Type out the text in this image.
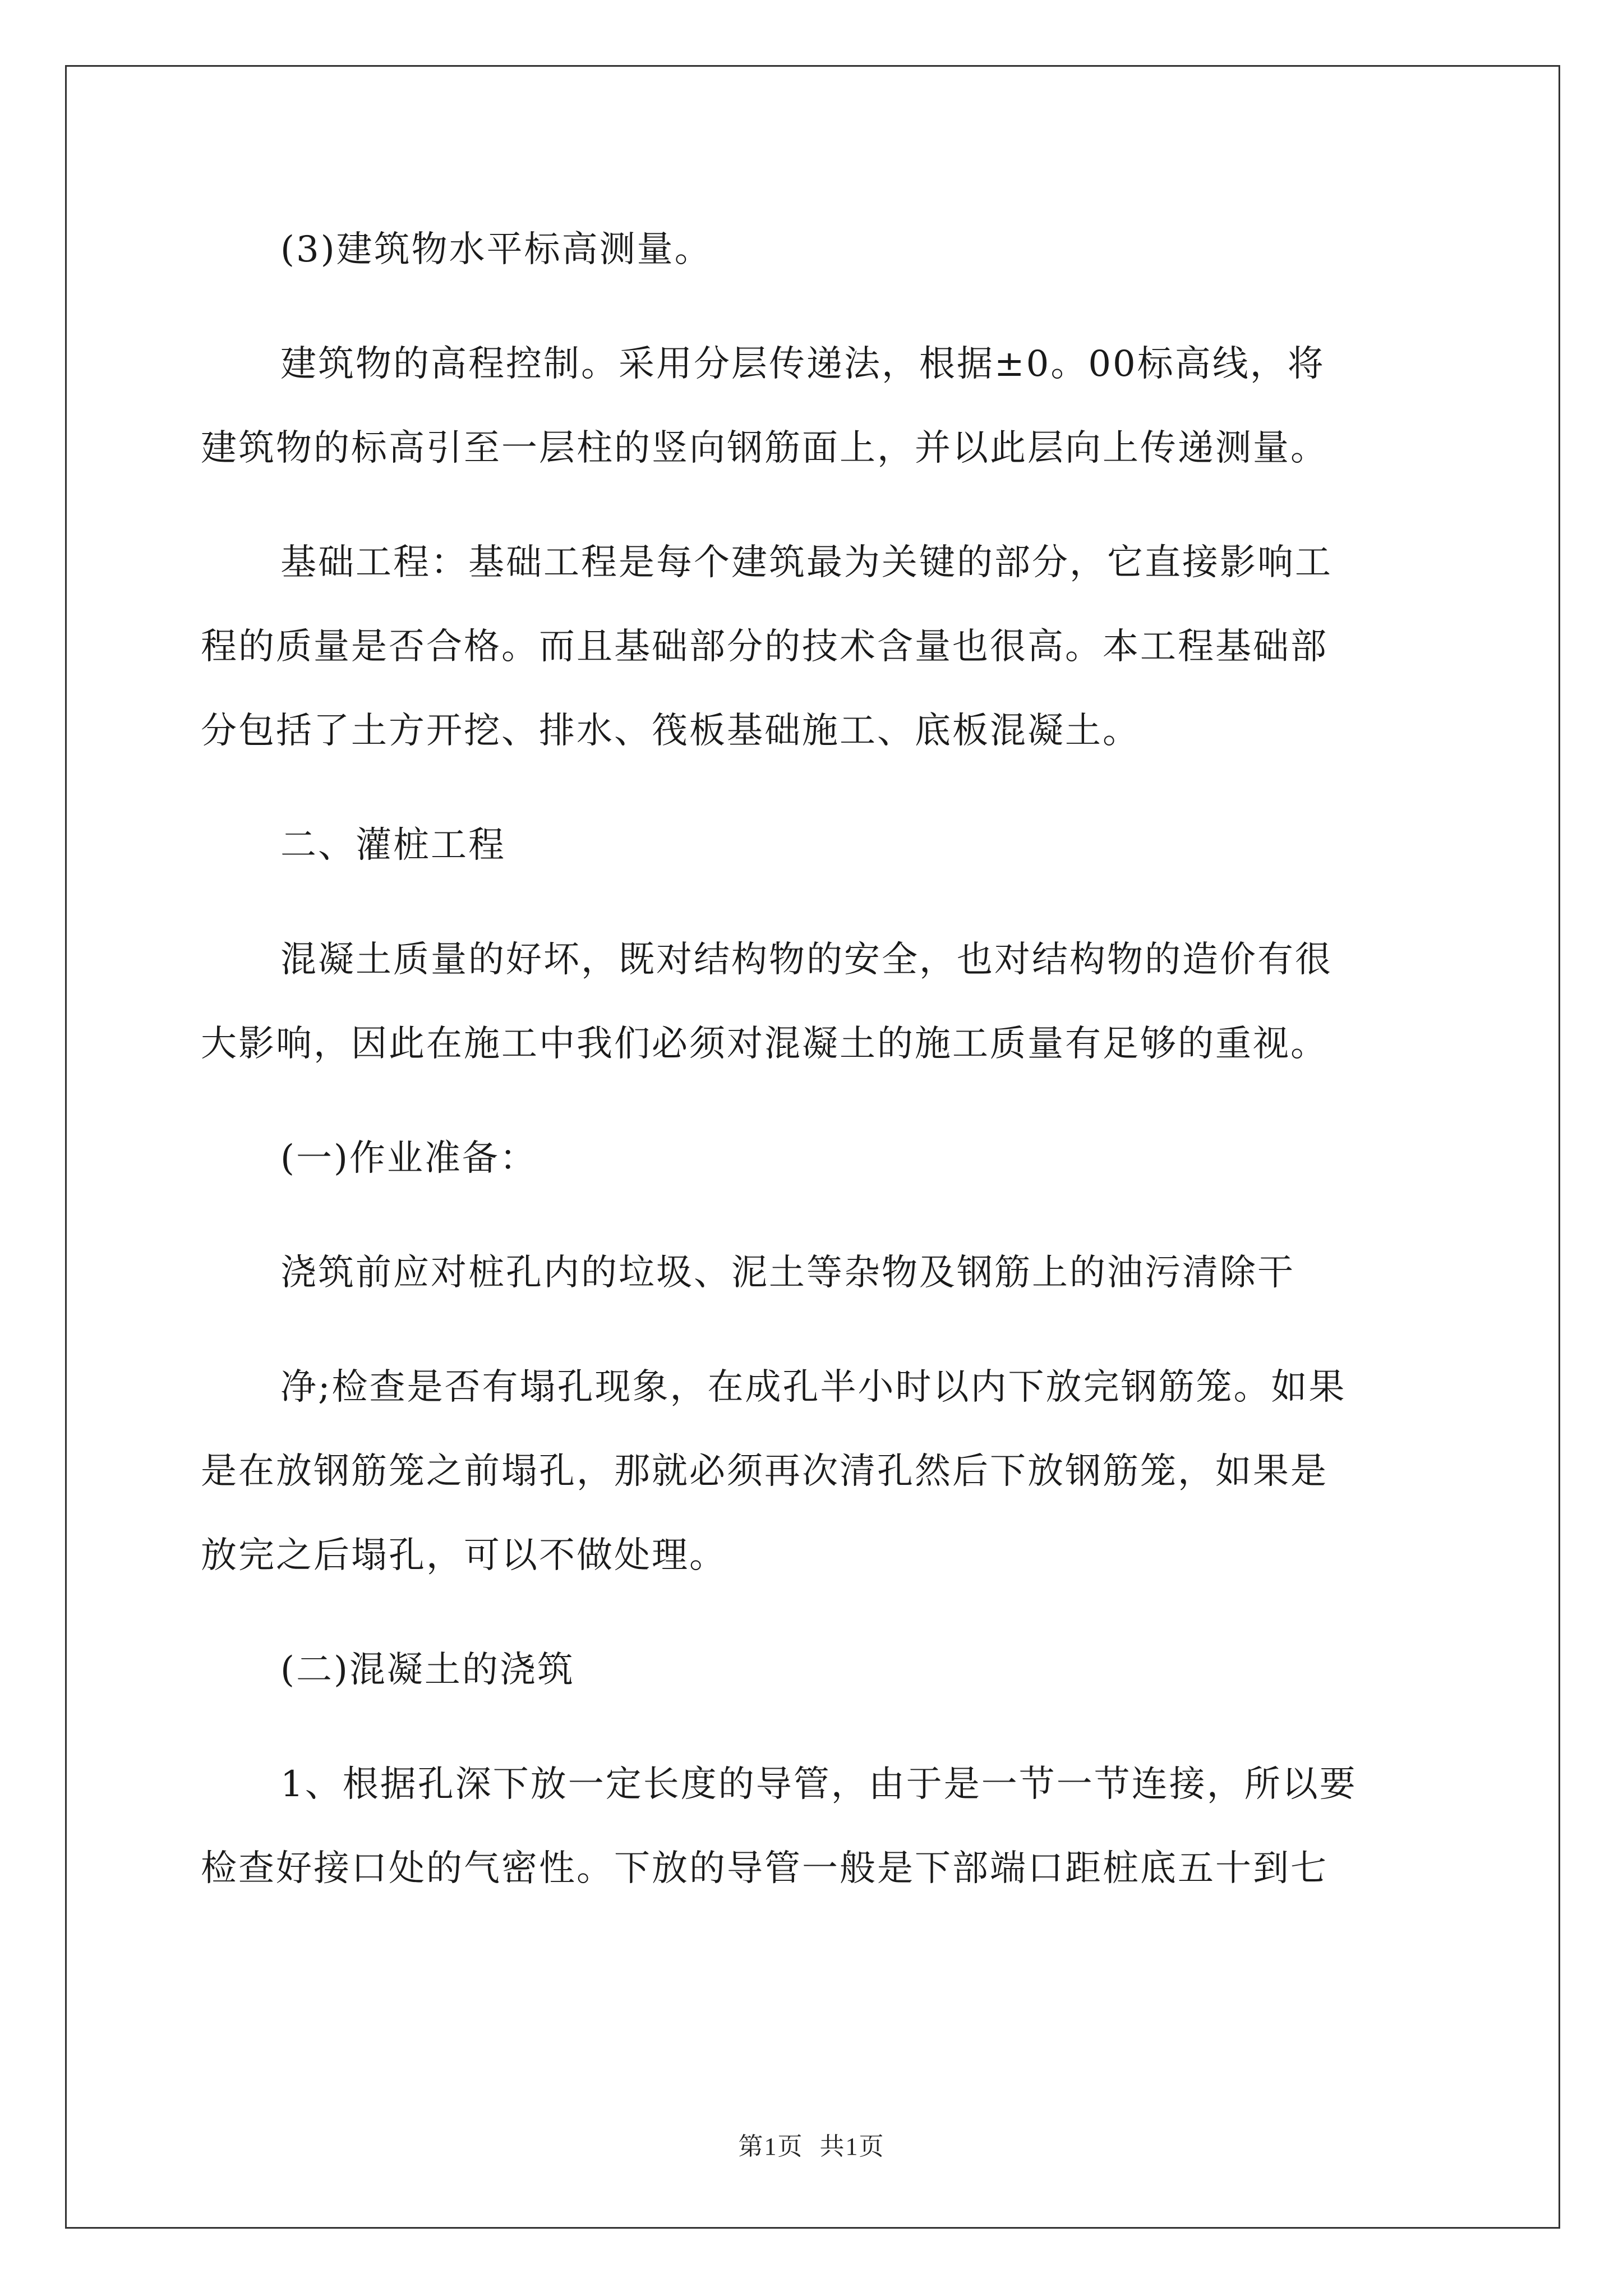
(3)建筑物水平标高测量。

建筑物的高程控制。采用分层传递法，根据±0。00标高线，将
建筑物的标高引至一层柱的竖向钢筋面上，并以此层向上传递测量。

基础工程：基础工程是每个建筑最为关键的部分，它直接影响工
程的质量是否合格。而且基础部分的技术含量也很高。本工程基础部
分包括了土方开挖、排水、筏板基础施工、底板混凝土。

二、灌桩工程

混凝土质量的好坏，既对结构物的安全，也对结构物的造价有很
大影响，因此在施工中我们必须对混凝土的施工质量有足够的重视。

(一)作业准备：

浇筑前应对桩孔内的垃圾、泥土等杂物及钢筋上的油污清除干

净;检查是否有塌孔现象，在成孔半小时以内下放完钢筋笼。如果
是在放钢筋笼之前塌孔，那就必须再次清孔然后下放钢筋笼，如果是
放完之后塌孔，可以不做处理。

(二)混凝土的浇筑

1、根据孔深下放一定长度的导管，由于是一节一节连接，所以要
检查好接口处的气密性。下放的导管一般是下部端口距桩底五十到七

第1页 共1页
